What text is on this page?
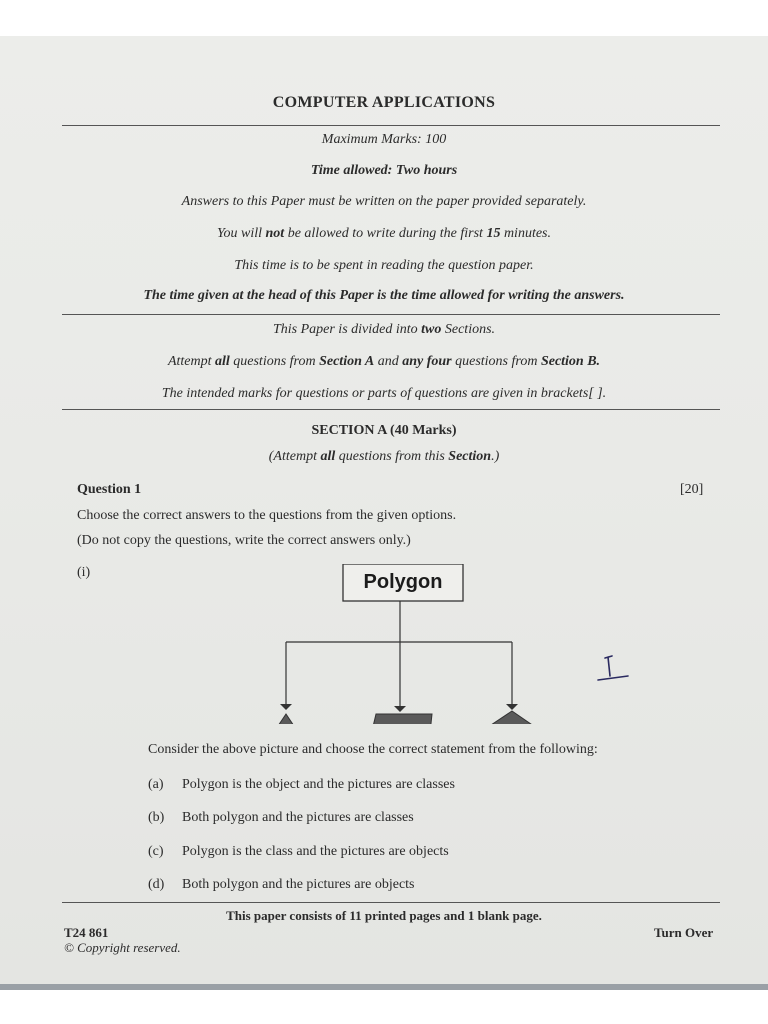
COMPUTER APPLICATIONS
Maximum Marks: 100
Time allowed: Two hours
Answers to this Paper must be written on the paper provided separately.
You will not be allowed to write during the first 15 minutes.
This time is to be spent in reading the question paper.
The time given at the head of this Paper is the time allowed for writing the answers.
This Paper is divided into two Sections.
Attempt all questions from Section A and any four questions from Section B.
The intended marks for questions or parts of questions are given in brackets[ ].
SECTION A (40 Marks)
(Attempt all questions from this Section.)
Question 1	[20]
Choose the correct answers to the questions from the given options.
(Do not copy the questions, write the correct answers only.)
(i)	Polygon
Consider the above picture and choose the correct statement from the following:
(a) Polygon is the object and the pictures are classes
(b) Both polygon and the pictures are classes
(c) Polygon is the class and the pictures are objects
(d) Both polygon and the pictures are objects
This paper consists of 11 printed pages and 1 blank page.
T24 861
© Copyright reserved.
Turn Over
